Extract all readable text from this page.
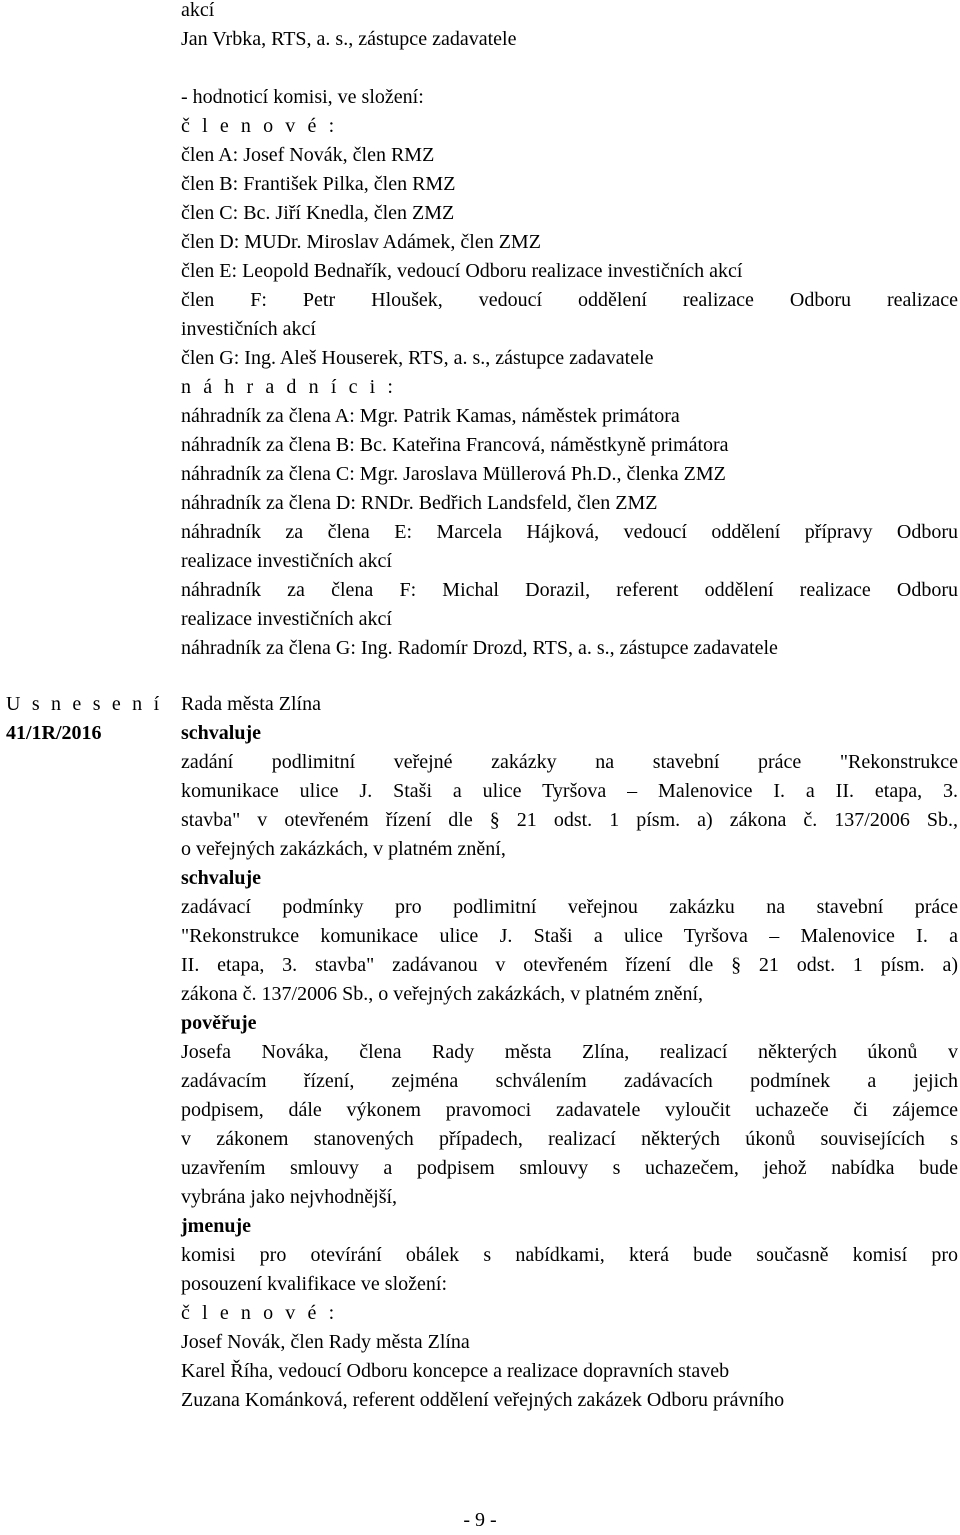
akcí
Jan Vrbka, RTS, a. s., zástupce zadavatele
- hodnoticí komisi, ve složení:
č l e n o v é :
člen A: Josef Novák, člen RMZ
člen B: František Pilka, člen RMZ
člen C: Bc. Jiří Knedla, člen ZMZ
člen D: MUDr. Miroslav Adámek, člen ZMZ
člen E: Leopold Bednařík, vedoucí Odboru realizace investičních akcí
člen F: Petr Hloušek, vedoucí oddělení realizace Odboru realizace
investičních akcí
člen G: Ing. Aleš Houserek, RTS, a. s., zástupce zadavatele
n á h r a d n í c i :
náhradník za člena A: Mgr. Patrik Kamas, náměstek primátora
náhradník za člena B: Bc. Kateřina Francová, náměstkyně primátora
náhradník za člena C: Mgr. Jaroslava Müllerová Ph.D., členka ZMZ
náhradník za člena D: RNDr. Bedřich Landsfeld, člen ZMZ
náhradník za člena E: Marcela Hájková, vedoucí oddělení přípravy Odboru
realizace investičních akcí
náhradník za člena F: Michal Dorazil, referent oddělení realizace Odboru
realizace investičních akcí
náhradník za člena G: Ing. Radomír Drozd, RTS, a. s., zástupce zadavatele
U s n e s e n í
41/1R/2016
Rada města Zlína
schvaluje
zadání podlimitní veřejné zakázky na stavební práce "Rekonstrukce
komunikace ulice J. Staši a ulice Tyršova – Malenovice I. a II. etapa, 3.
stavba" v otevřeném řízení dle § 21 odst. 1 písm. a) zákona č. 137/2006 Sb.,
o veřejných zakázkách, v platném znění,
schvaluje
zadávací podmínky pro podlimitní veřejnou zakázku na stavební práce
"Rekonstrukce komunikace ulice J. Staši a ulice Tyršova – Malenovice I. a
II. etapa, 3. stavba" zadávanou v otevřeném řízení dle § 21 odst. 1 písm. a)
zákona č. 137/2006 Sb., o veřejných zakázkách, v platném znění,
pověřuje
Josefa Nováka, člena Rady města Zlína, realizací některých úkonů v
zadávacím řízení, zejména schválením zadávacích podmínek a jejich
podpisem, dále výkonem pravomoci zadavatele vyloučit uchazeče či zájemce
v zákonem stanovených případech, realizací některých úkonů souvisejících s
uzavřením smlouvy a podpisem smlouvy s uchazečem, jehož nabídka bude
vybrána jako nejvhodnější,
jmenuje
komisi pro otevírání obálek s nabídkami, která bude současně komisí pro
posouzení kvalifikace ve složení:
č l e n o v é :
Josef Novák, člen Rady města Zlína
Karel Říha, vedoucí Odboru koncepce a realizace dopravních staveb
Zuzana Kománková, referent oddělení veřejných zakázek Odboru právního
- 9 -
